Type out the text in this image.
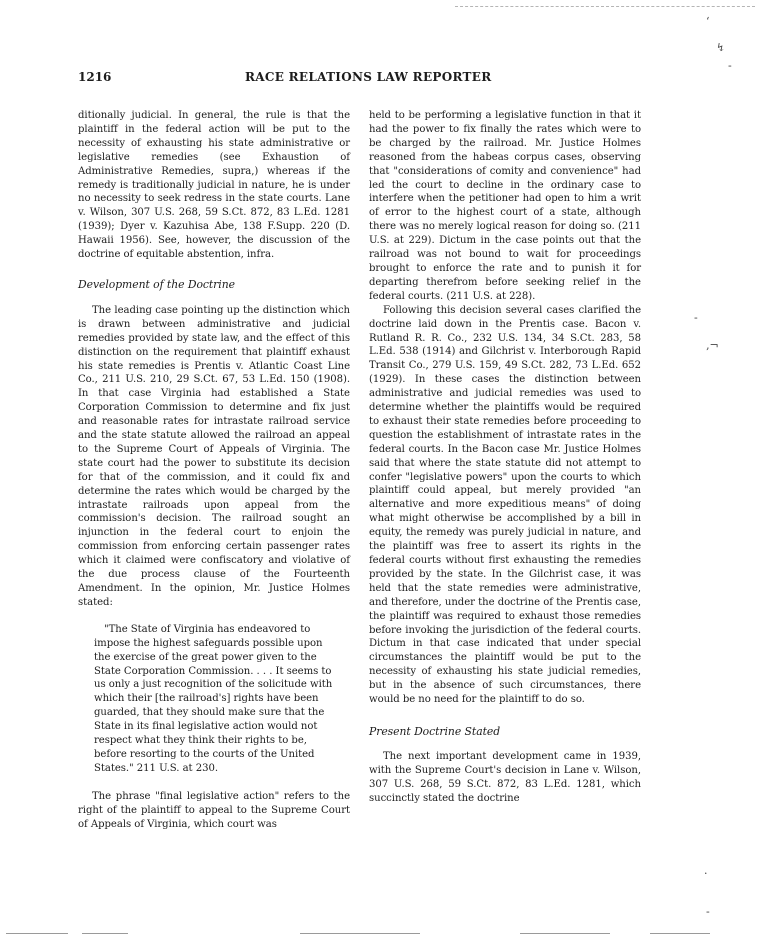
‘
↯
-
-
‚¬
·
-
1216	RACE RELATIONS LAW REPORTER

ditionally judicial. In general, the rule is that the plaintiff in the federal action will be put to the necessity of exhausting his state administrative or legislative remedies (see Exhaustion of Administrative Remedies, supra,) whereas if the remedy is traditionally judicial in nature, he is under no necessity to seek redress in the state courts. Lane v. Wilson, 307 U.S. 268, 59 S.Ct. 872, 83 L.Ed. 1281 (1939); Dyer v. Kazuhisa Abe, 138 F.Supp. 220 (D. Hawaii 1956). See, however, the discussion of the doctrine of equitable abstention, infra.

Development of the Doctrine

The leading case pointing up the distinction which is drawn between administrative and judicial remedies provided by state law, and the effect of this distinction on the requirement that plaintiff exhaust his state remedies is Prentis v. Atlantic Coast Line Co., 211 U.S. 210, 29 S.Ct. 67, 53 L.Ed. 150 (1908). In that case Virginia had established a State Corporation Commission to determine and fix just and reasonable rates for intrastate railroad service and the state statute allowed the railroad an appeal to the Supreme Court of Appeals of Virginia. The state court had the power to substitute its decision for that of the commission, and it could fix and determine the rates which would be charged by the intrastate railroads upon appeal from the commission's decision. The railroad sought an injunction in the federal court to enjoin the commission from enforcing certain passenger rates which it claimed were confiscatory and violative of the due process clause of the Fourteenth Amendment. In the opinion, Mr. Justice Holmes stated:

"The State of Virginia has endeavored to impose the highest safeguards possible upon the exercise of the great power given to the State Corporation Commission. . . . It seems to us only a just recognition of the solicitude with which their [the railroad's] rights have been guarded, that they should make sure that the State in its final legislative action would not respect what they think their rights to be, before resorting to the courts of the United States." 211 U.S. at 230.

The phrase "final legislative action" refers to the right of the plaintiff to appeal to the Supreme Court of Appeals of Virginia, which court was

held to be performing a legislative function in that it had the power to fix finally the rates which were to be charged by the railroad. Mr. Justice Holmes reasoned from the habeas corpus cases, observing that "considerations of comity and convenience" had led the court to decline in the ordinary case to interfere when the petitioner had open to him a writ of error to the highest court of a state, although there was no merely logical reason for doing so. (211 U.S. at 229). Dictum in the case points out that the railroad was not bound to wait for proceedings brought to enforce the rate and to punish it for departing therefrom before seeking relief in the federal courts. (211 U.S. at 228).

Following this decision several cases clarified the doctrine laid down in the Prentis case. Bacon v. Rutland R. R. Co., 232 U.S. 134, 34 S.Ct. 283, 58 L.Ed. 538 (1914) and Gilchrist v. Interborough Rapid Transit Co., 279 U.S. 159, 49 S.Ct. 282, 73 L.Ed. 652 (1929). In these cases the distinction between administrative and judicial remedies was used to determine whether the plaintiffs would be required to exhaust their state remedies before proceeding to question the establishment of intrastate rates in the federal courts. In the Bacon case Mr. Justice Holmes said that where the state statute did not attempt to confer "legislative powers" upon the courts to which plaintiff could appeal, but merely provided "an alternative and more expeditious means" of doing what might otherwise be accomplished by a bill in equity, the remedy was purely judicial in nature, and the plaintiff was free to assert its rights in the federal courts without first exhausting the remedies provided by the state. In the Gilchrist case, it was held that the state remedies were administrative, and therefore, under the doctrine of the Prentis case, the plaintiff was required to exhaust those remedies before invoking the jurisdiction of the federal courts. Dictum in that case indicated that under special circumstances the plaintiff would be put to the necessity of exhausting his state judicial remedies, but in the absence of such circumstances, there would be no need for the plaintiff to do so.

Present Doctrine Stated

The next important development came in 1939, with the Supreme Court's decision in Lane v. Wilson, 307 U.S. 268, 59 S.Ct. 872, 83 L.Ed. 1281, which succinctly stated the doctrine
